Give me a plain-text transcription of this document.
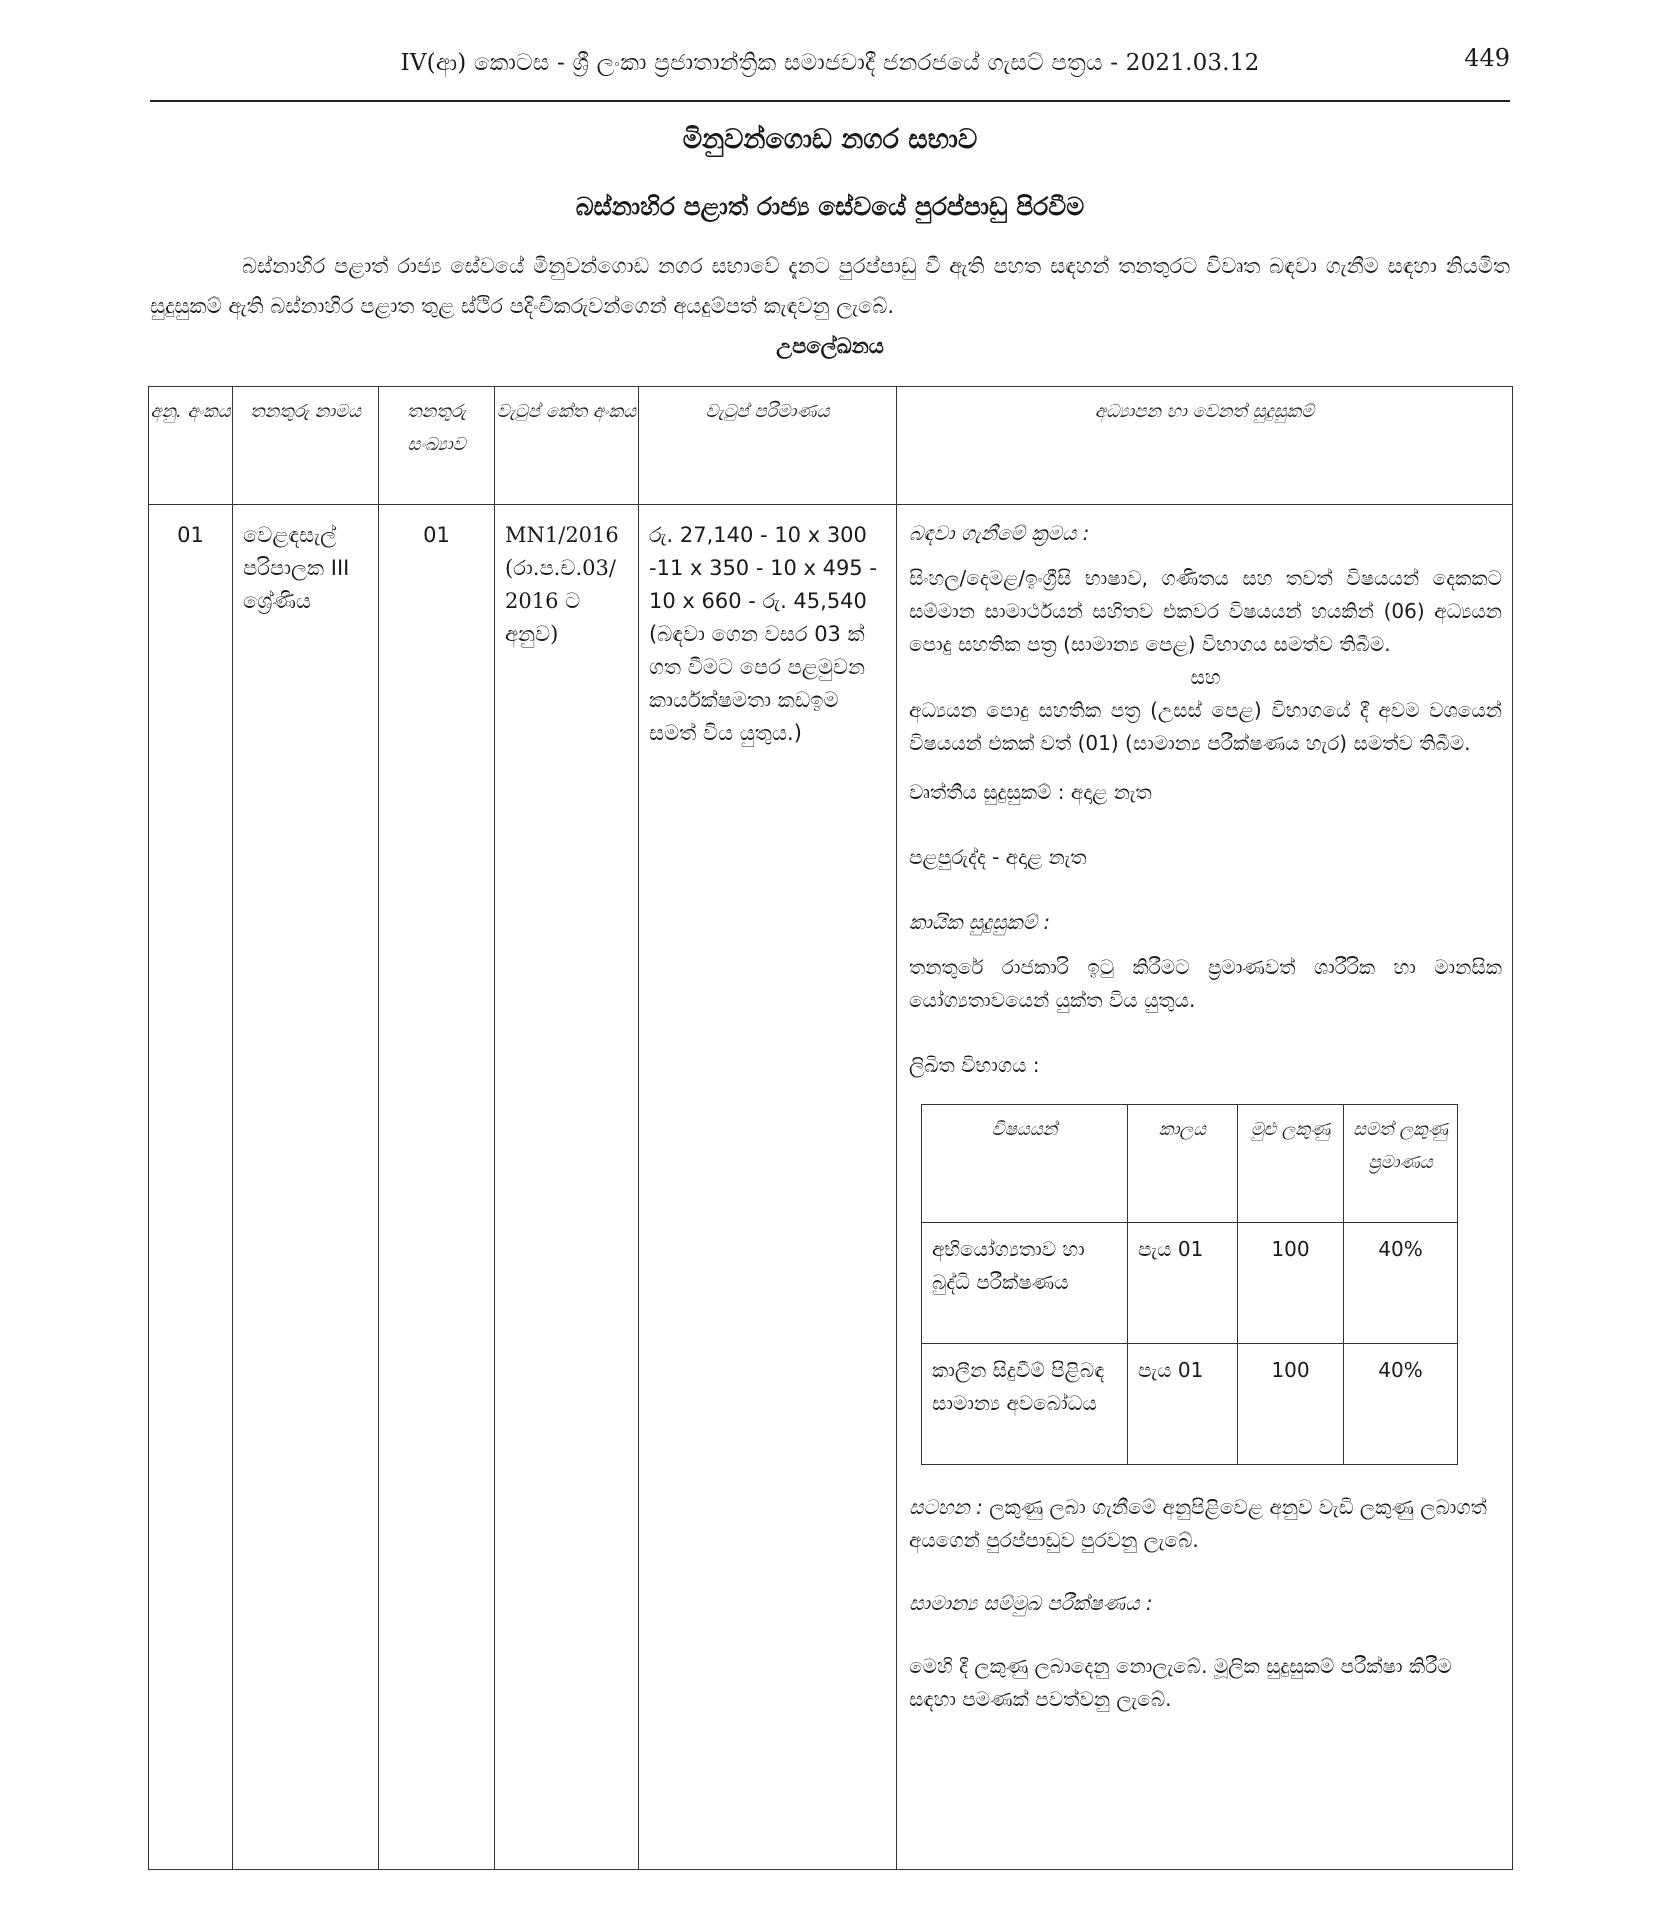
IV(ආ) කොටස - ශ්‍රී ලංකා ප්‍රජාතාන්ත්‍රික සමාජවාදී ජනරජයේ ගැසට් පත්‍රය - 2021.03.12	449
මිනුවන්ගොඩ නගර සභාව
බස්නාහිර පළාත් රාජ්‍ය සේවයේ පුරප්පාඩු පිරවීම
බස්නාහිර පළාත් රාජ්‍ය සේවයේ මිනුවන්ගොඩ නගර සභාවේ දැනට පුරප්පාඩු වී ඇති පහත සඳහන් තනතුරට විවෘත බඳවා ගැනීම සඳහා නියමිත සුදුසුකම් ඇති බස්නාහිර පළාත තුළ ස්ථිර පදිංචිකරුවන්ගෙන් අයදුම්පත් කැඳවනු ලැබේ.
උපලේඛනය
අනු. අංකය	තනතුරු නාමය	තනතුරු සංඛ්‍යාව	වැටුප් කේත අංකය	වැටුප් පරිමාණය	අධ්‍යාපන හා වෙනත් සුදුසුකම්
01	වෙළඳසැල් පරිපාලක III ශ්‍රේණිය	01	MN1/2016 (රා.ප.ච.03/ 2016 ට අනුව)	රු. 27,140 - 10 x 300 -11 x 350 - 10 x 495 - 10 x 660 - රු. 45,540 (බඳවා ගෙන වසර 03 ක් ගත වීමට පෙර පළමුවන කාර්යක්ෂමතා කඩඉම සමත් විය යුතුය.)	

බඳවා ගැනීමේ ක්‍රමය :

සිංහල/දෙමළ/ඉංග්‍රීසි භාෂාව, ගණිතය සහ තවත් විෂයයන් දෙකකට සම්මාන සාමාර්ථයන් සහිතව එකවර විෂයයන් හයකින් (06) අධ්‍යයන පොදු සහතික පත්‍ර (සාමාන්‍ය පෙළ) විභාගය සමත්ව තිබීම.

සහ

අධ්‍යයන පොදු සහතික පත්‍ර (උසස් පෙළ) විභාගයේ දී අවම වශයෙන් විෂයයන් එකක් වත් (01) (සාමාන්‍ය පරීක්ෂණය හැර) සමත්ව තිබීම.

වෘත්තීය සුදුසුකම් : අදාළ නැත

පළපුරුද්ද - අදාළ නැත

කායික සුදුසුකම් :

තනතුරේ රාජකාරි ඉටු කිරීමට ප්‍රමාණවත් ශාරීරික හා මානසික යෝග්‍යතාවයෙන් යුක්ත විය යුතුය.

ලිඛිත විභාගය :

විෂයයන්	කාලය	මුළු ලකුණු	සමත් ලකුණු ප්‍රමාණය
අභියෝග්‍යතාව හා බුද්ධි පරීක්ෂණය	පැය 01	100	40%
කාලීන සිදුවීම් පිළිබඳ සාමාන්‍ය අවබෝධය	පැය 01	100	40%

සටහන : ලකුණු ලබා ගැනීමේ අනුපිළිවෙළ අනුව වැඩි ලකුණු ලබාගත් අයගෙන් පුරප්පාඩුව පුරවනු ලැබේ.

සාමාන්‍ය සම්මුඛ පරීක්ෂණය :

මෙහි දී ලකුණු ලබාදෙනු නොලැබේ. මූලික සුදුසුකම් පරීක්ෂා කිරීම සඳහා පමණක් පවත්වනු ලැබේ.
